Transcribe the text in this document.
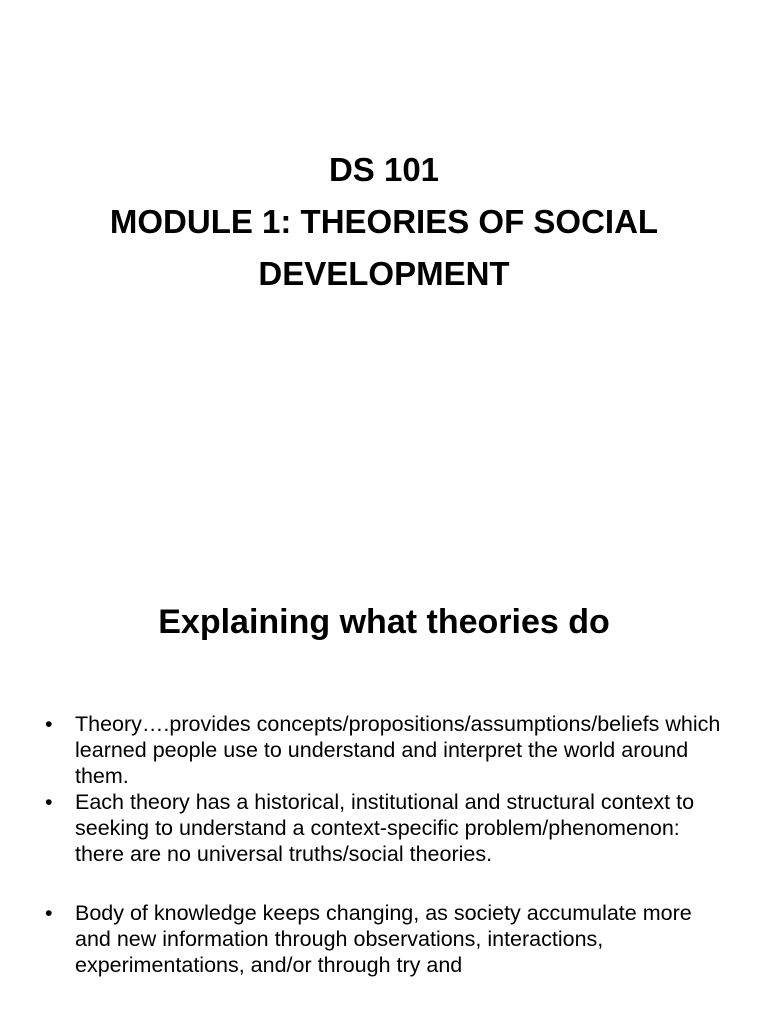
DS 101
MODULE 1: THEORIES OF SOCIAL
DEVELOPMENT
Explaining what theories do
• Theory….provides concepts/propositions/assumptions/beliefs which learned people use to understand and interpret the world around them.
• Each theory has a historical, institutional and structural context to seeking to understand a context-specific problem/phenomenon: there are no universal truths/social theories.
• Body of knowledge keeps changing, as society accumulate more and new information through observations, interactions, experimentations, and/or through try and
